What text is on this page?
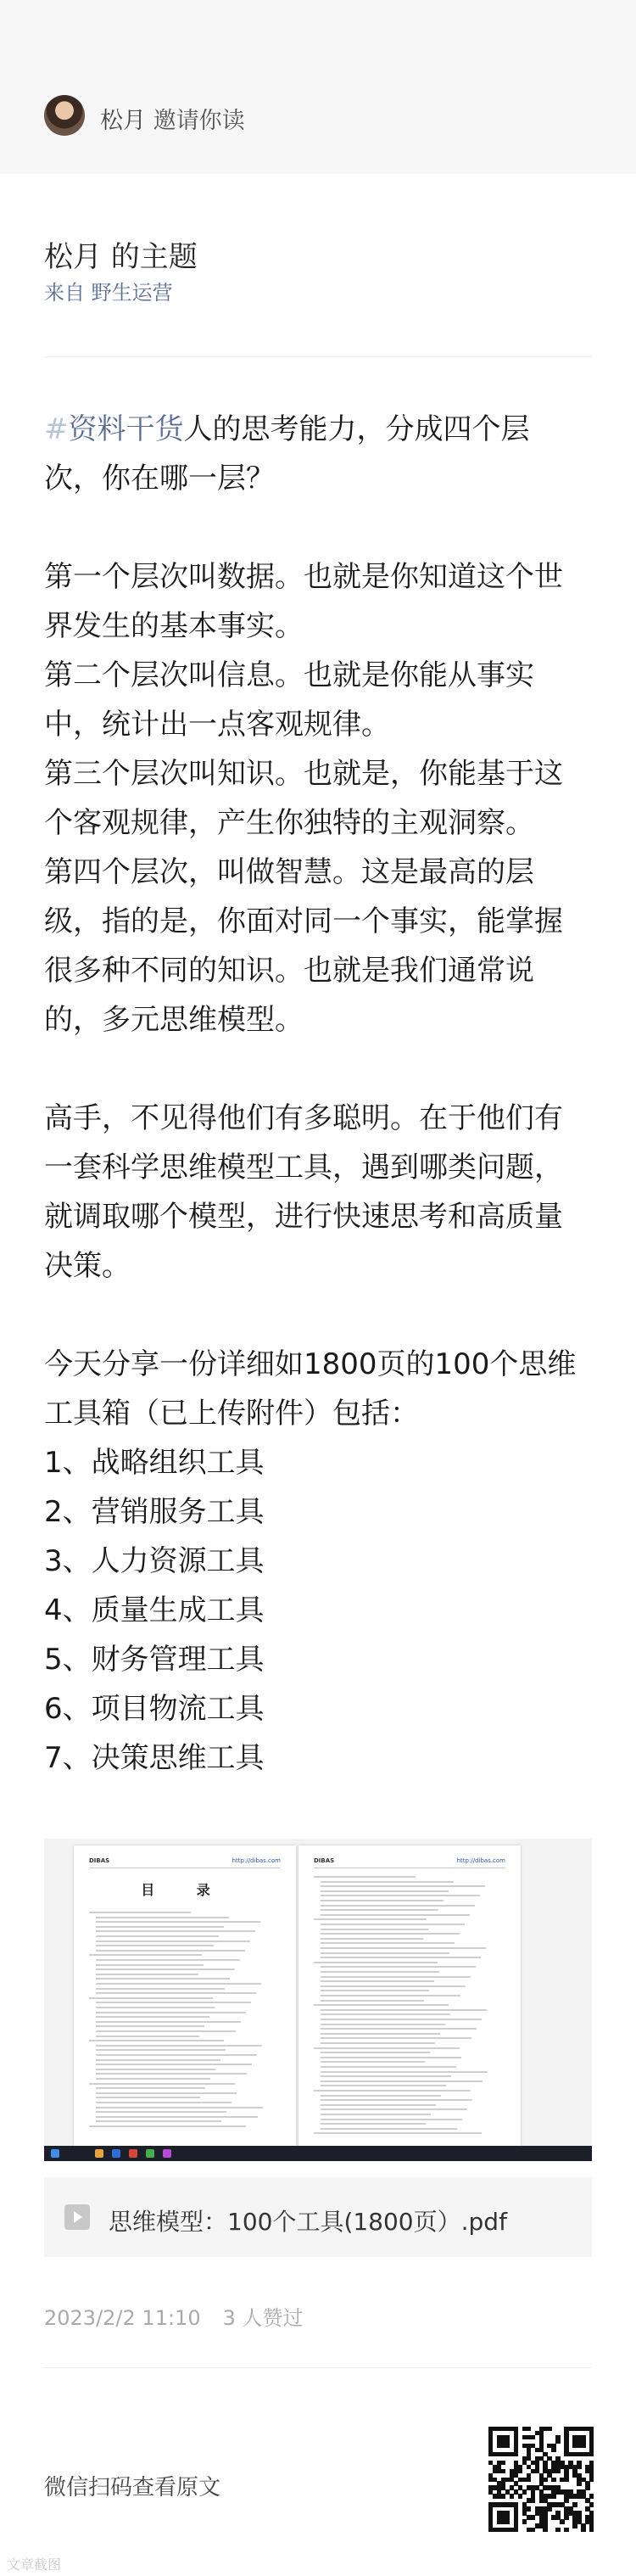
松月 邀请你读
松月 的主题
来自 野生运营

#资料干货人的思考能力，分成四个层
次，你在哪一层？

第一个层次叫数据。也就是你知道这个世
界发生的基本事实。
第二个层次叫信息。也就是你能从事实
中，统计出一点客观规律。
第三个层次叫知识。也就是，你能基于这
个客观规律，产生你独特的主观洞察。
第四个层次，叫做智慧。这是最高的层
级，指的是，你面对同一个事实，能掌握
很多种不同的知识。也就是我们通常说
的，多元思维模型。

高手，不见得他们有多聪明。在于他们有
一套科学思维模型工具，遇到哪类问题，
就调取哪个模型，进行快速思考和高质量
决策。

今天分享一份详细如1800页的100个思维
工具箱（已上传附件）包括：
1、战略组织工具
2、营销服务工具
3、人力资源工具
4、质量生成工具
5、财务管理工具
6、项目物流工具
7、决策思维工具

DIBAS	http://dibas.com
目 录
DIBAS	http://dibas.com
思维模型：100个工具(1800页）.pdf
2023/2/2 11:10 3 人赞过
微信扫码查看原文
文章截图
